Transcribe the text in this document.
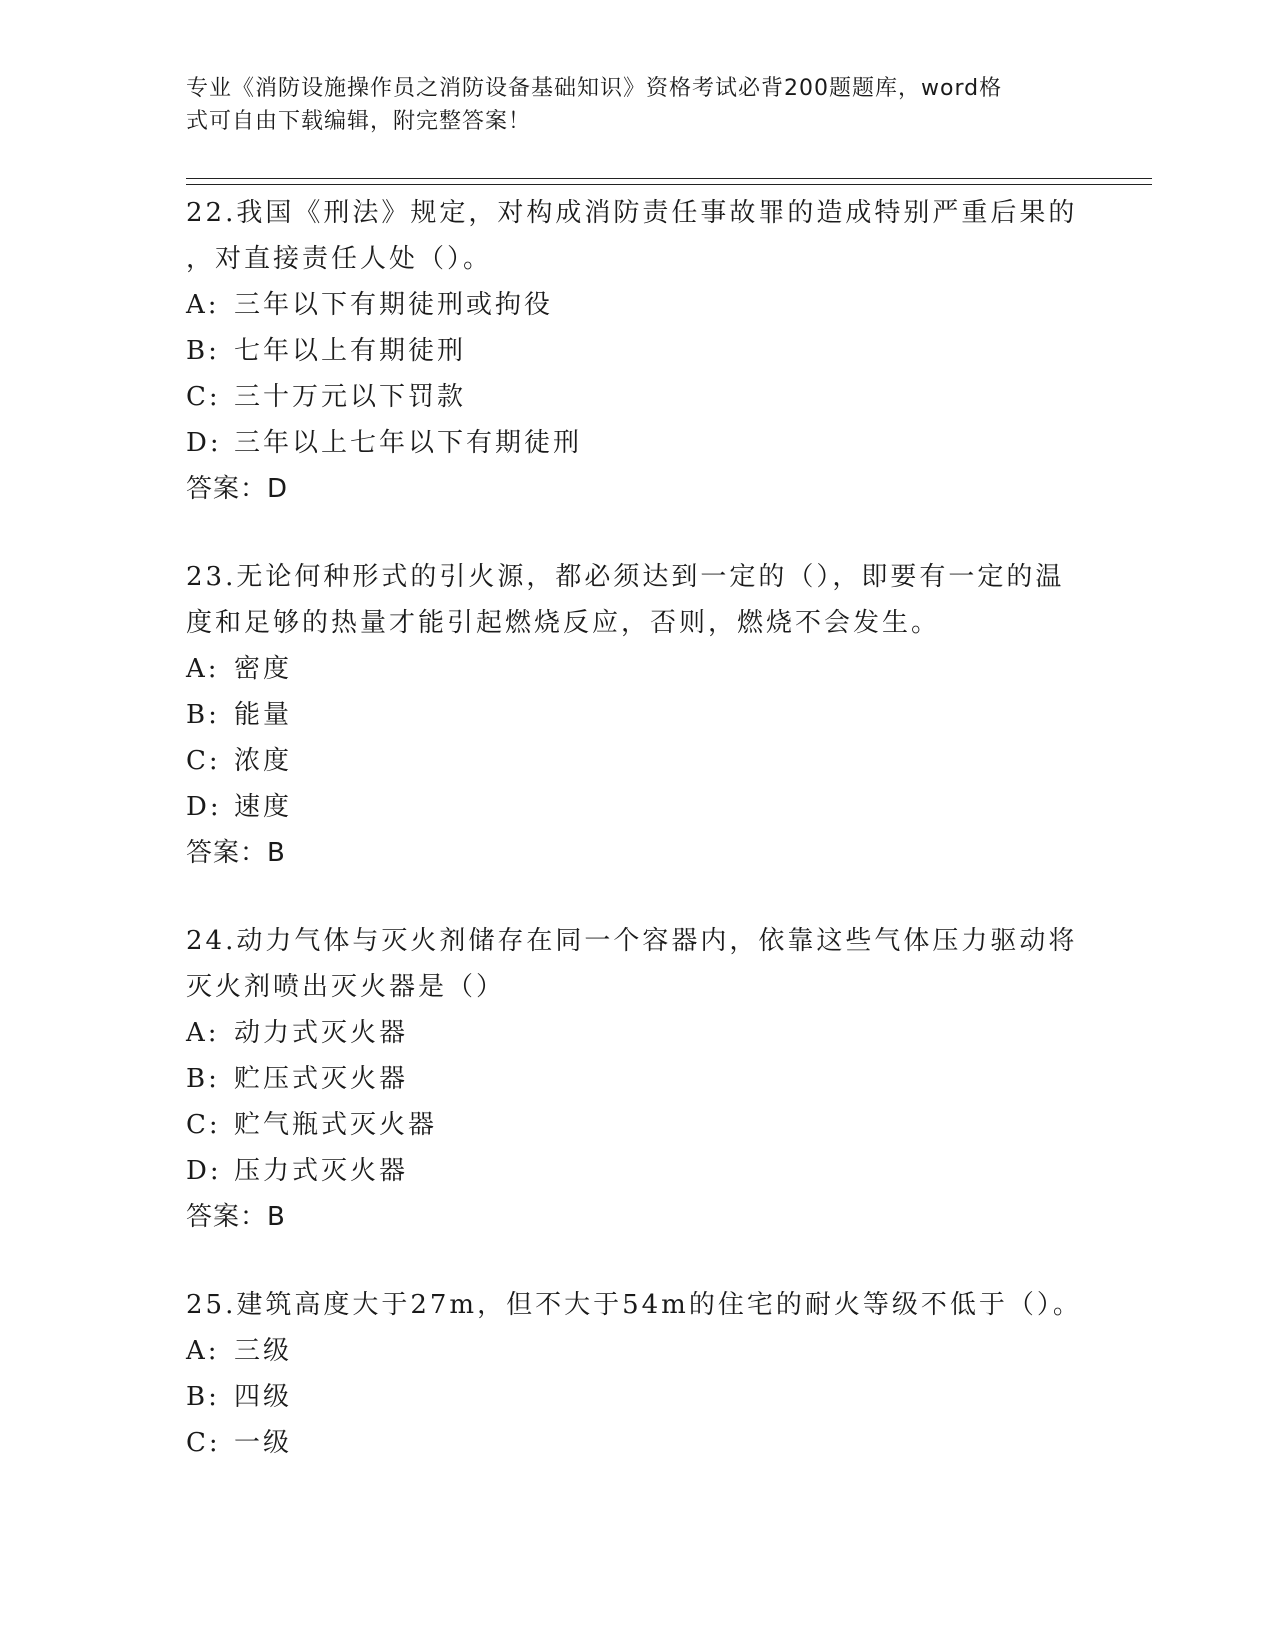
专业《消防设施操作员之消防设备基础知识》资格考试必背200题题库，word格
式可自由下载编辑，附完整答案！
22.我国《刑法》规定，对构成消防责任事故罪的造成特别严重后果的
，对直接责任人处（）。
A: 三年以下有期徒刑或拘役
B: 七年以上有期徒刑
C: 三十万元以下罚款
D: 三年以上七年以下有期徒刑
答案：D
23.无论何种形式的引火源，都必须达到一定的（），即要有一定的温
度和足够的热量才能引起燃烧反应，否则，燃烧不会发生。
A: 密度
B: 能量
C: 浓度
D: 速度
答案：B
24.动力气体与灭火剂储存在同一个容器内，依靠这些气体压力驱动将
灭火剂喷出灭火器是（）
A: 动力式灭火器
B: 贮压式灭火器
C: 贮气瓶式灭火器
D: 压力式灭火器
答案：B
25.建筑高度大于27m，但不大于54m的住宅的耐火等级不低于（）。
A: 三级
B: 四级
C: 一级
